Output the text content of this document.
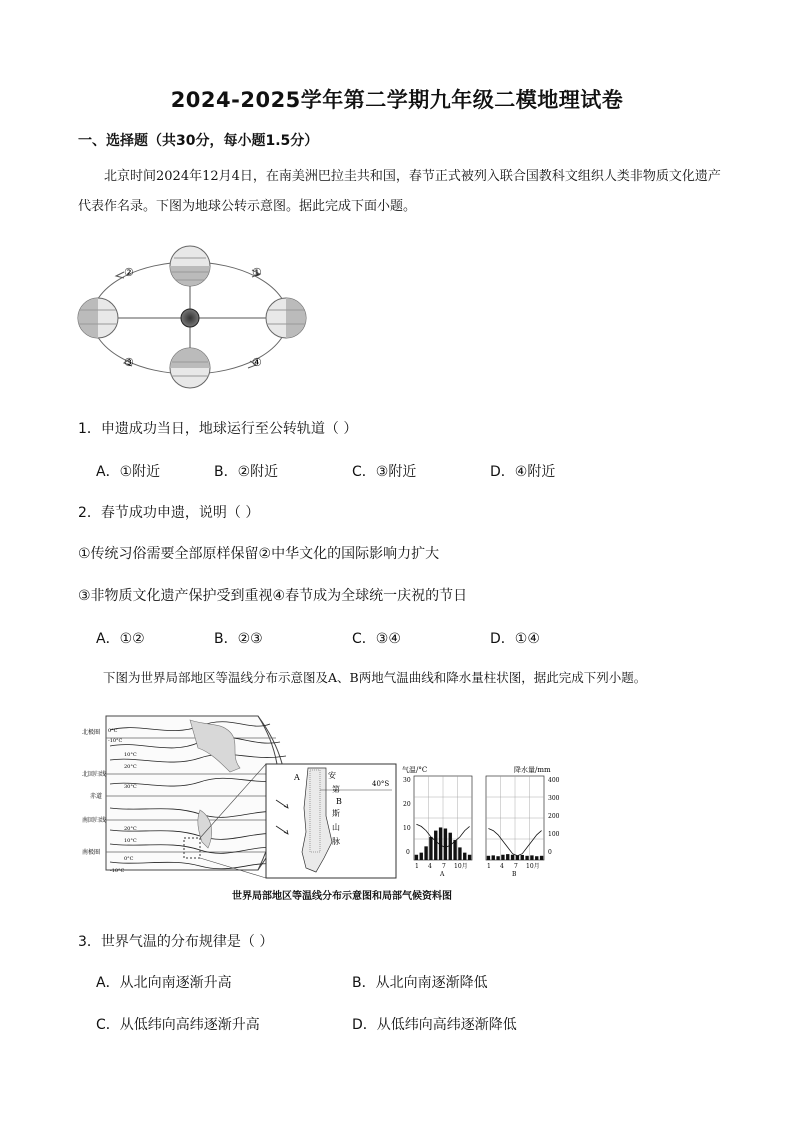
2024-2025学年第二学期九年级二模地理试卷
一、选择题（共30分，每小题1.5分）
北京时间2024年12月4日，在南美洲巴拉圭共和国，春节正式被列入联合国教科文组织人类非物质文化遗产代表作名录。下图为地球公转示意图。据此完成下面小题。
②	①
③	④
1．申遗成功当日，地球运行至公转轨道（ ）
A．①附近	B．②附近	C．③附近	D．④附近
2．春节成功申遗，说明（ ）
①传统习俗需要全部原样保留②中华文化的国际影响力扩大
③非物质文化遗产保护受到重视④春节成为全球统一庆祝的节日
A．①②	B．②③	C．③④	D．①④
下图为世界局部地区等温线分布示意图及A、B两地气温曲线和降水量柱状图，据此完成下列小题。
北极圈
北回归线
赤道
南回归线
南极圈
0°C
-10°C
10°C
20°C
30°C
20°C
10°C
0°C
-10°C
A
B
安
第
斯
山
脉
40°S
气温/°C
30
20
10
0
1 4 7 10月
A
降水量/mm
400
300
200
100
0
1 4 7 10月
B
世界局部地区等温线分布示意图和局部气候资料图
3．世界气温的分布规律是（ ）
A．从北向南逐渐升高	B．从北向南逐渐降低
C．从低纬向高纬逐渐升高	D．从低纬向高纬逐渐降低
